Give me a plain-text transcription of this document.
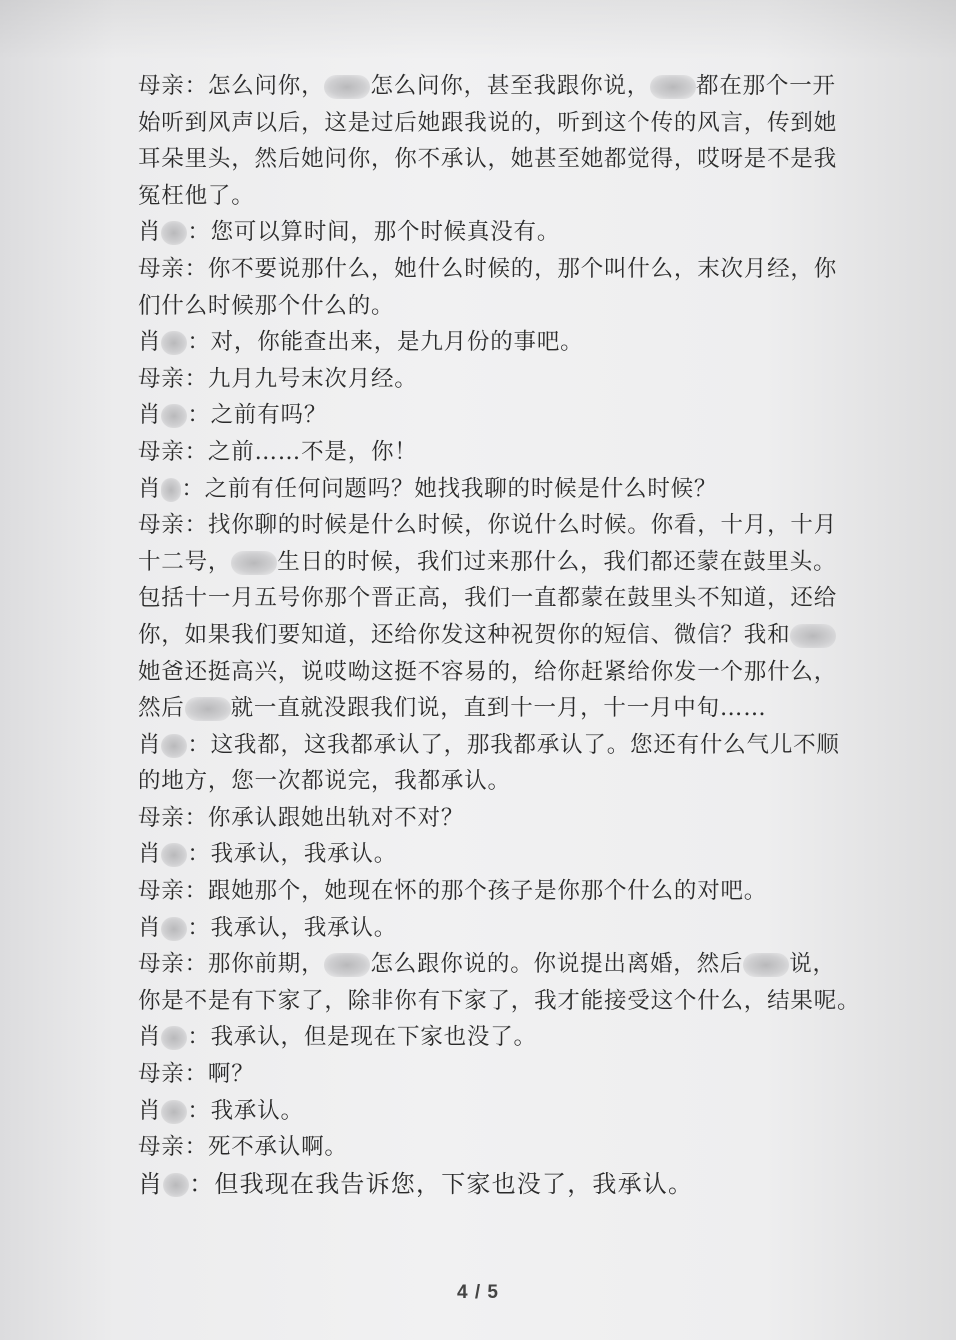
母亲：怎么问你， 怎么问你，甚至我跟你说， 都在那个一开
始听到风声以后，这是过后她跟我说的，听到这个传的风言，传到她
耳朵里头，然后她问你，你不承认，她甚至她都觉得，哎呀是不是我
冤枉他了。
肖 ：您可以算时间，那个时候真没有。
母亲：你不要说那什么，她什么时候的，那个叫什么，末次月经，你
们什么时候那个什么的。
肖 ：对，你能查出来，是九月份的事吧。
母亲：九月九号末次月经。
肖 ：之前有吗？
母亲：之前……不是，你！
肖 ：之前有任何问题吗？她找我聊的时候是什么时候？
母亲：找你聊的时候是什么时候，你说什么时候。你看，十月，十月
十二号， 生日的时候，我们过来那什么，我们都还蒙在鼓里头。
包括十一月五号你那个晋正高，我们一直都蒙在鼓里头不知道，还给
你，如果我们要知道，还给你发这种祝贺你的短信、微信？我和
她爸还挺高兴，说哎呦这挺不容易的，给你赶紧给你发一个那什么，
然后 就一直就没跟我们说，直到十一月，十一月中旬……
肖 ：这我都，这我都承认了，那我都承认了。您还有什么气儿不顺
的地方，您一次都说完，我都承认。
母亲：你承认跟她出轨对不对？
肖 ：我承认，我承认。
母亲：跟她那个，她现在怀的那个孩子是你那个什么的对吧。
肖 ：我承认，我承认。
母亲：那你前期， 怎么跟你说的。你说提出离婚，然后 说，
你是不是有下家了，除非你有下家了，我才能接受这个什么，结果呢。
肖 ：我承认，但是现在下家也没了。
母亲：啊？
肖 ：我承认。
母亲：死不承认啊。
肖 ：但我现在我告诉您，下家也没了，我承认。
4 / 5
